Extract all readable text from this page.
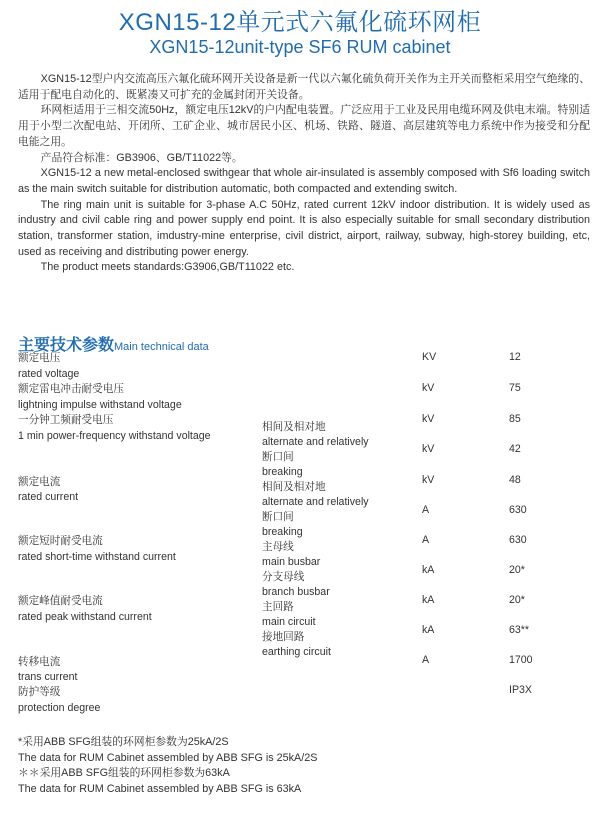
XGN15-12单元式六氟化硫环网柜
XGN15-12unit-type SF6 RUM cabinet

XGN15-12型户内交流高压六氟化硫环网开关设备是新一代以六氟化硫负荷开关作为主开关而整柜采用空气绝缘的、适用于配电自动化的、既紧凑又可扩充的金属封闭开关设备。

环网柜适用于三相交流50Hz，额定电压12kV的户内配电装置。广泛应用于工业及民用电缆环网及供电末端。特别适用于小型二次配电站、开闭所、工矿企业、城市居民小区、机场、铁路、隧道、高层建筑等电力系统中作为接受和分配电能之用。

产品符合标准：GB3906、GB/T11022等。

XGN15-12 a new metal-enclosed swithgear that whole air-insulated is assembly composed with Sf6 loading switch as the main switch suitable for distribution automatic, both compacted and extending switch.

The ring main unit is suitable for 3-phase A.C 50Hz, rated current 12kV indoor distribution. It is widely used as industry and civil cable ring and power supply end point. It is also especially suitable for small secondary distribution station, transformer station, imdustry-mine enterprise, civil district, airport, railway, subway, high-storey building, etc, used as receiving and distributing power energy.

The product meets standards:G3906,GB/T11022 etc.

主要技术参数Main technical data
额定电压
rated voltage
额定雷电冲击耐受电压
lightning impulse withstand voltage
一分钟工频耐受电压
1 min power-frequency withstand voltage
额定电流
rated current
额定短时耐受电流
rated short-time withstand current
额定峰值耐受电流
rated peak withstand current
转移电流
trans current
防护等级
protection degree
相间及相对地
alternate and relatively
断口间
breaking
相间及相对地
alternate and relatively
断口间
breaking
主母线
main busbar
分支母线
branch busbar
主回路
main circuit
接地回路
earthing circuit
KV
kV
kV
kV
kV
A
A
kA
kA
kA
A
12
75
85
42
48
630
630
20*
20*
63**
1700
IP3X
*采用ABB SFG组装的环网柜参数为25kA/2S
The data for RUM Cabinet assembled by ABB SFG is 25kA/2S
＊＊采用ABB SFG组装的环网柜参数为63kA
The data for RUM Cabinet assembled by ABB SFG is 63kA
